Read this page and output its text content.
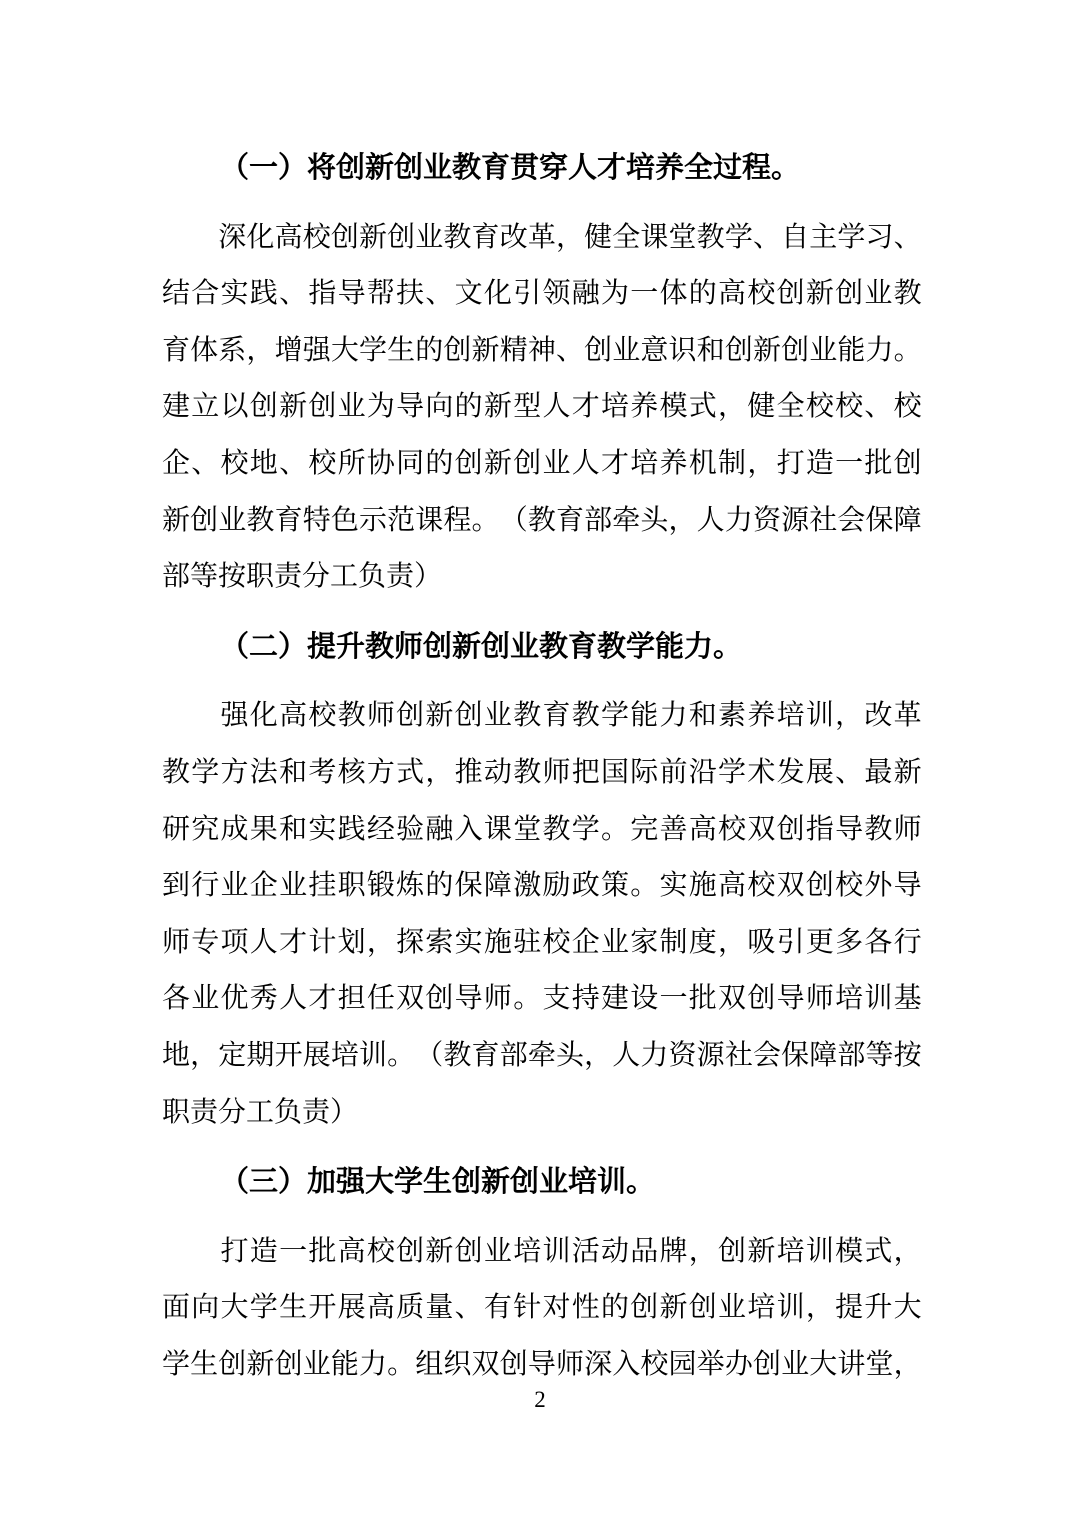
（一）将创新创业教育贯穿人才培养全过程。

深 化 高 校 创 新 创 业 教 育 改 革 ， 健 全 课 堂 教 学 、 自 主 学 习 、
结 合 实 践 、 指 导 帮 扶 、 文 化 引 领 融 为 一 体 的 高 校 创 新 创 业 教
育 体 系 ， 增 强 大 学 生 的 创 新 精 神 、 创 业 意 识 和 创 新 创 业 能 力 。
建 立 以 创 新 创 业 为 导 向 的 新 型 人 才 培 养 模 式 ， 健 全 校 校 、 校
企 、 校 地 、 校 所 协 同 的 创 新 创 业 人 才 培 养 机 制 ， 打 造 一 批 创
新 创 业 教 育 特 色 示 范 课 程 。 （ 教 育 部 牵 头 ， 人 力 资 源 社 会 保 障
部等按职责分工负责）
（二）提升教师创新创业教育教学能力。

强 化 高 校 教 师 创 新 创 业 教 育 教 学 能 力 和 素 养 培 训 ， 改 革
教 学 方 法 和 考 核 方 式 ， 推 动 教 师 把 国 际 前 沿 学 术 发 展 、 最 新
研 究 成 果 和 实 践 经 验 融 入 课 堂 教 学 。 完 善 高 校 双 创 指 导 教 师
到 行 业 企 业 挂 职 锻 炼 的 保 障 激 励 政 策 。 实 施 高 校 双 创 校 外 导
师 专 项 人 才 计 划 ， 探 索 实 施 驻 校 企 业 家 制 度 ， 吸 引 更 多 各 行
各 业 优 秀 人 才 担 任 双 创 导 师 。 支 持 建 设 一 批 双 创 导 师 培 训 基
地 ， 定 期 开 展 培 训 。 （ 教 育 部 牵 头 ， 人 力 资 源 社 会 保 障 部 等 按
职责分工负责）
（三）加强大学生创新创业培训。

打 造 一 批 高 校 创 新 创 业 培 训 活 动 品 牌 ， 创 新 培 训 模 式 ，
面 向 大 学 生 开 展 高 质 量 、 有 针 对 性 的 创 新 创 业 培 训 ， 提 升 大
学 生 创 新 创 业 能 力 。 组 织 双 创 导 师 深 入 校 园 举 办 创 业 大 讲 堂 ，
2
